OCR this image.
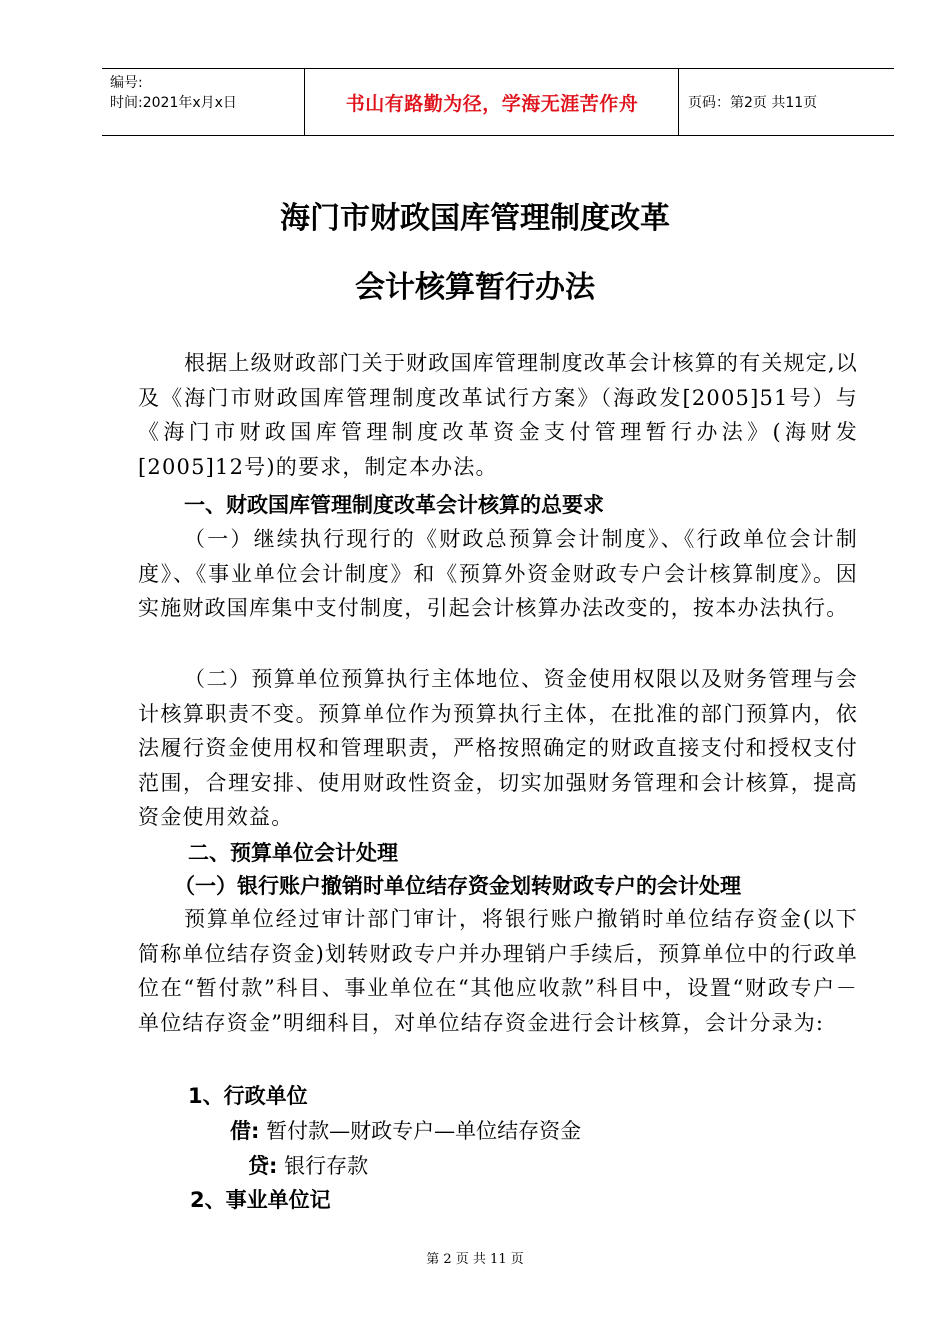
编号:
时间:2021年x月x日	书山有路勤为径，学海无涯苦作舟	页码：第2页 共11页
海门市财政国库管理制度改革
会计核算暂行办法
根据上级财政部门关于财政国库管理制度改革会计核算的有关规定,以及《海门市财政国库管理制度改革试行方案》（海政发[2005]51号）与《海门市财政国库管理制度改革资金支付管理暂行办法》(海财发[2005]12号)的要求，制定本办法。
一、财政国库管理制度改革会计核算的总要求
（一）继续执行现行的《财政总预算会计制度》、《行政单位会计制度》、《事业单位会计制度》和《预算外资金财政专户会计核算制度》。因实施财政国库集中支付制度，引起会计核算办法改变的，按本办法执行。
（二）预算单位预算执行主体地位、资金使用权限以及财务管理与会计核算职责不变。预算单位作为预算执行主体，在批准的部门预算内，依法履行资金使用权和管理职责，严格按照确定的财政直接支付和授权支付范围，合理安排、使用财政性资金，切实加强财务管理和会计核算，提高资金使用效益。
二、预算单位会计处理
（一）银行账户撤销时单位结存资金划转财政专户的会计处理
预算单位经过审计部门审计，将银行账户撤销时单位结存资金(以下简称单位结存资金)划转财政专户并办理销户手续后，预算单位中的行政单位在“暂付款”科目、事业单位在“其他应收款”科目中，设置“财政专户－单位结存资金”明细科目，对单位结存资金进行会计核算，会计分录为:
1、行政单位
借: 暂付款—财政专户—单位结存资金
贷: 银行存款
2、事业单位记
第 2 页 共 11 页
